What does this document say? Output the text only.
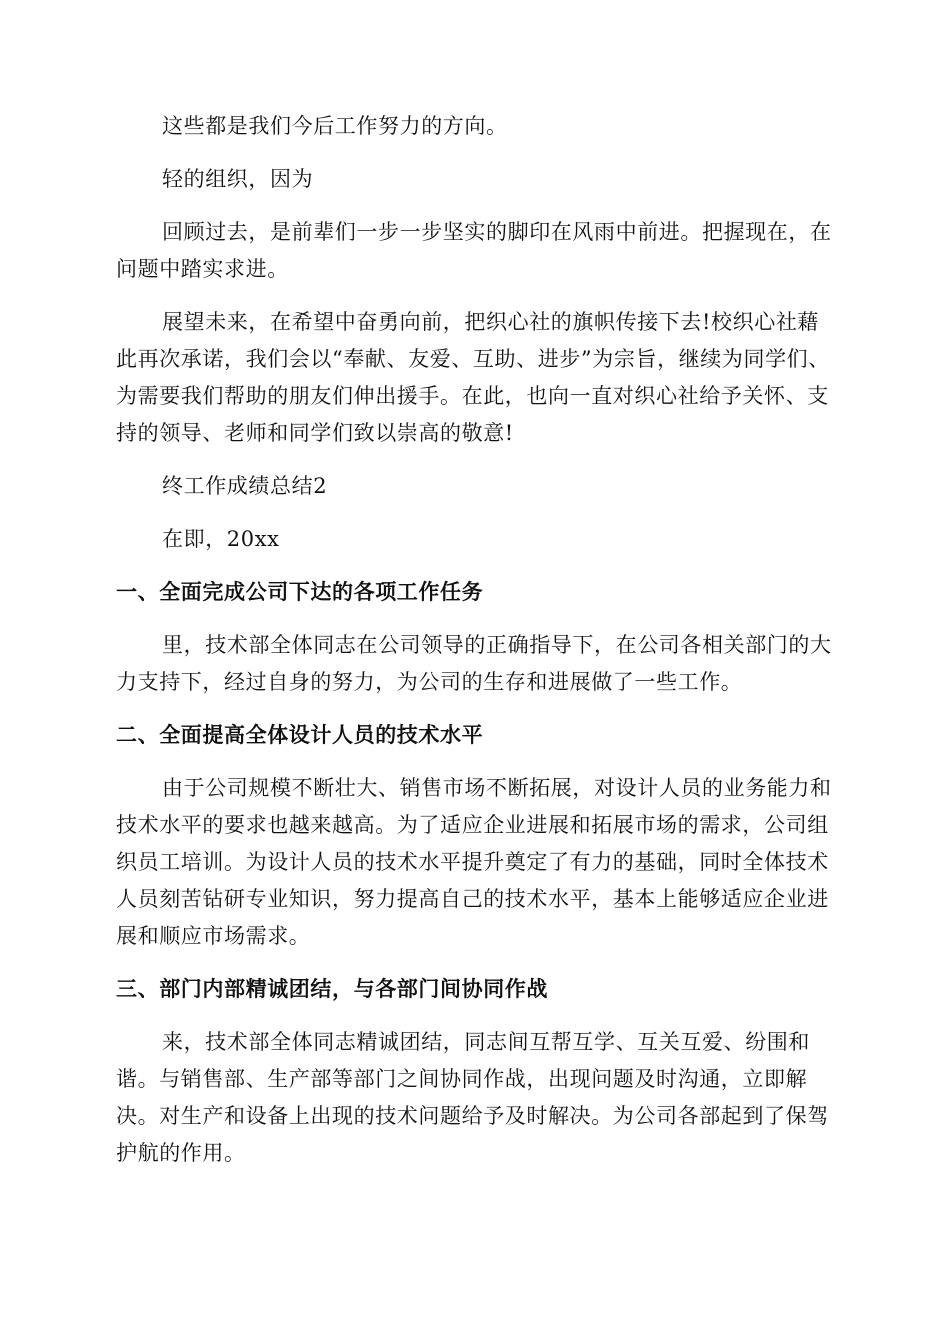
这些都是我们今后工作努力的方向。

轻的组织，因为

回顾过去，是前辈们一步一步坚实的脚印在风雨中前进。把握现在，在问题中踏实求进。

展望未来，在希望中奋勇向前，把织心社的旗帜传接下去!校织心社藉此再次承诺，我们会以“奉献、友爱、互助、进步”为宗旨，继续为同学们、为需要我们帮助的朋友们伸出援手。在此，也向一直对织心社给予关怀、支持的领导、老师和同学们致以崇高的敬意!

终工作成绩总结2

在即，20xx

一、全面完成公司下达的各项工作任务

里，技术部全体同志在公司领导的正确指导下，在公司各相关部门的大力支持下，经过自身的努力，为公司的生存和进展做了一些工作。

二、全面提高全体设计人员的技术水平

由于公司规模不断壮大、销售市场不断拓展，对设计人员的业务能力和技术水平的要求也越来越高。为了适应企业进展和拓展市场的需求，公司组织员工培训。为设计人员的技术水平提升奠定了有力的基础，同时全体技术人员刻苦钻研专业知识，努力提高自己的技术水平，基本上能够适应企业进展和顺应市场需求。

三、部门内部精诚团结，与各部门间协同作战

来，技术部全体同志精诚团结，同志间互帮互学、互关互爱、纷围和谐。与销售部、生产部等部门之间协同作战，出现问题及时沟通，立即解决。对生产和设备上出现的技术问题给予及时解决。为公司各部起到了保驾护航的作用。
